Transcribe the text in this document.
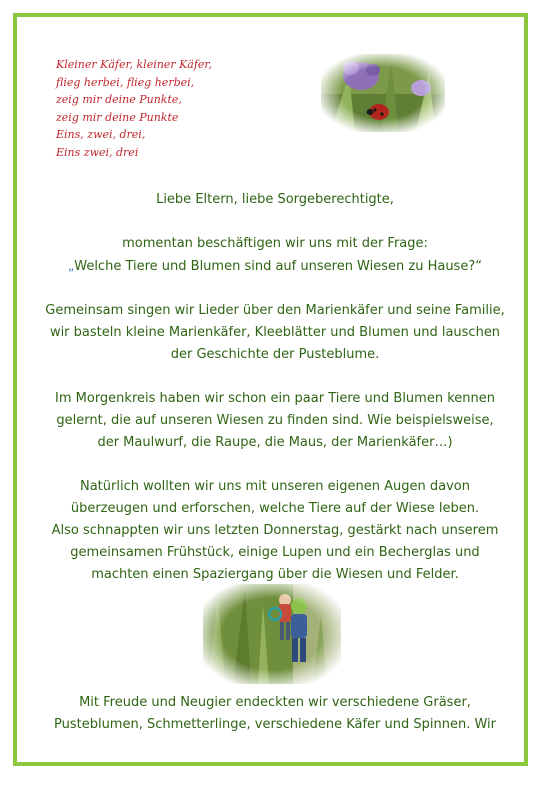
Kleiner Käfer, kleiner Käfer,
flieg herbei, flieg herbei,
zeig mir deine Punkte,
zeig mir deine Punkte
Eins, zwei, drei,
Eins zwei, drei

Liebe Eltern, liebe Sorgeberechtigte,

momentan beschäftigen wir uns mit der Frage:

„Welche Tiere und Blumen sind auf unseren Wiesen zu Hause?“

Gemeinsam singen wir Lieder über den Marienkäfer und seine Familie,

wir basteln kleine Marienkäfer, Kleeblätter und Blumen und lauschen

der Geschichte der Pusteblume.

Im Morgenkreis haben wir schon ein paar Tiere und Blumen kennen

gelernt, die auf unseren Wiesen zu finden sind. Wie beispielsweise,

der Maulwurf, die Raupe, die Maus, der Marienkäfer…)

Natürlich wollten wir uns mit unseren eigenen Augen davon

überzeugen und erforschen, welche Tiere auf der Wiese leben.

Also schnappten wir uns letzten Donnerstag, gestärkt nach unserem

gemeinsamen Frühstück, einige Lupen und ein Becherglas und

machten einen Spaziergang über die Wiesen und Felder.

Mit Freude und Neugier endeckten wir verschiedene Gräser,

Pusteblumen, Schmetterlinge, verschiedene Käfer und Spinnen. Wir
